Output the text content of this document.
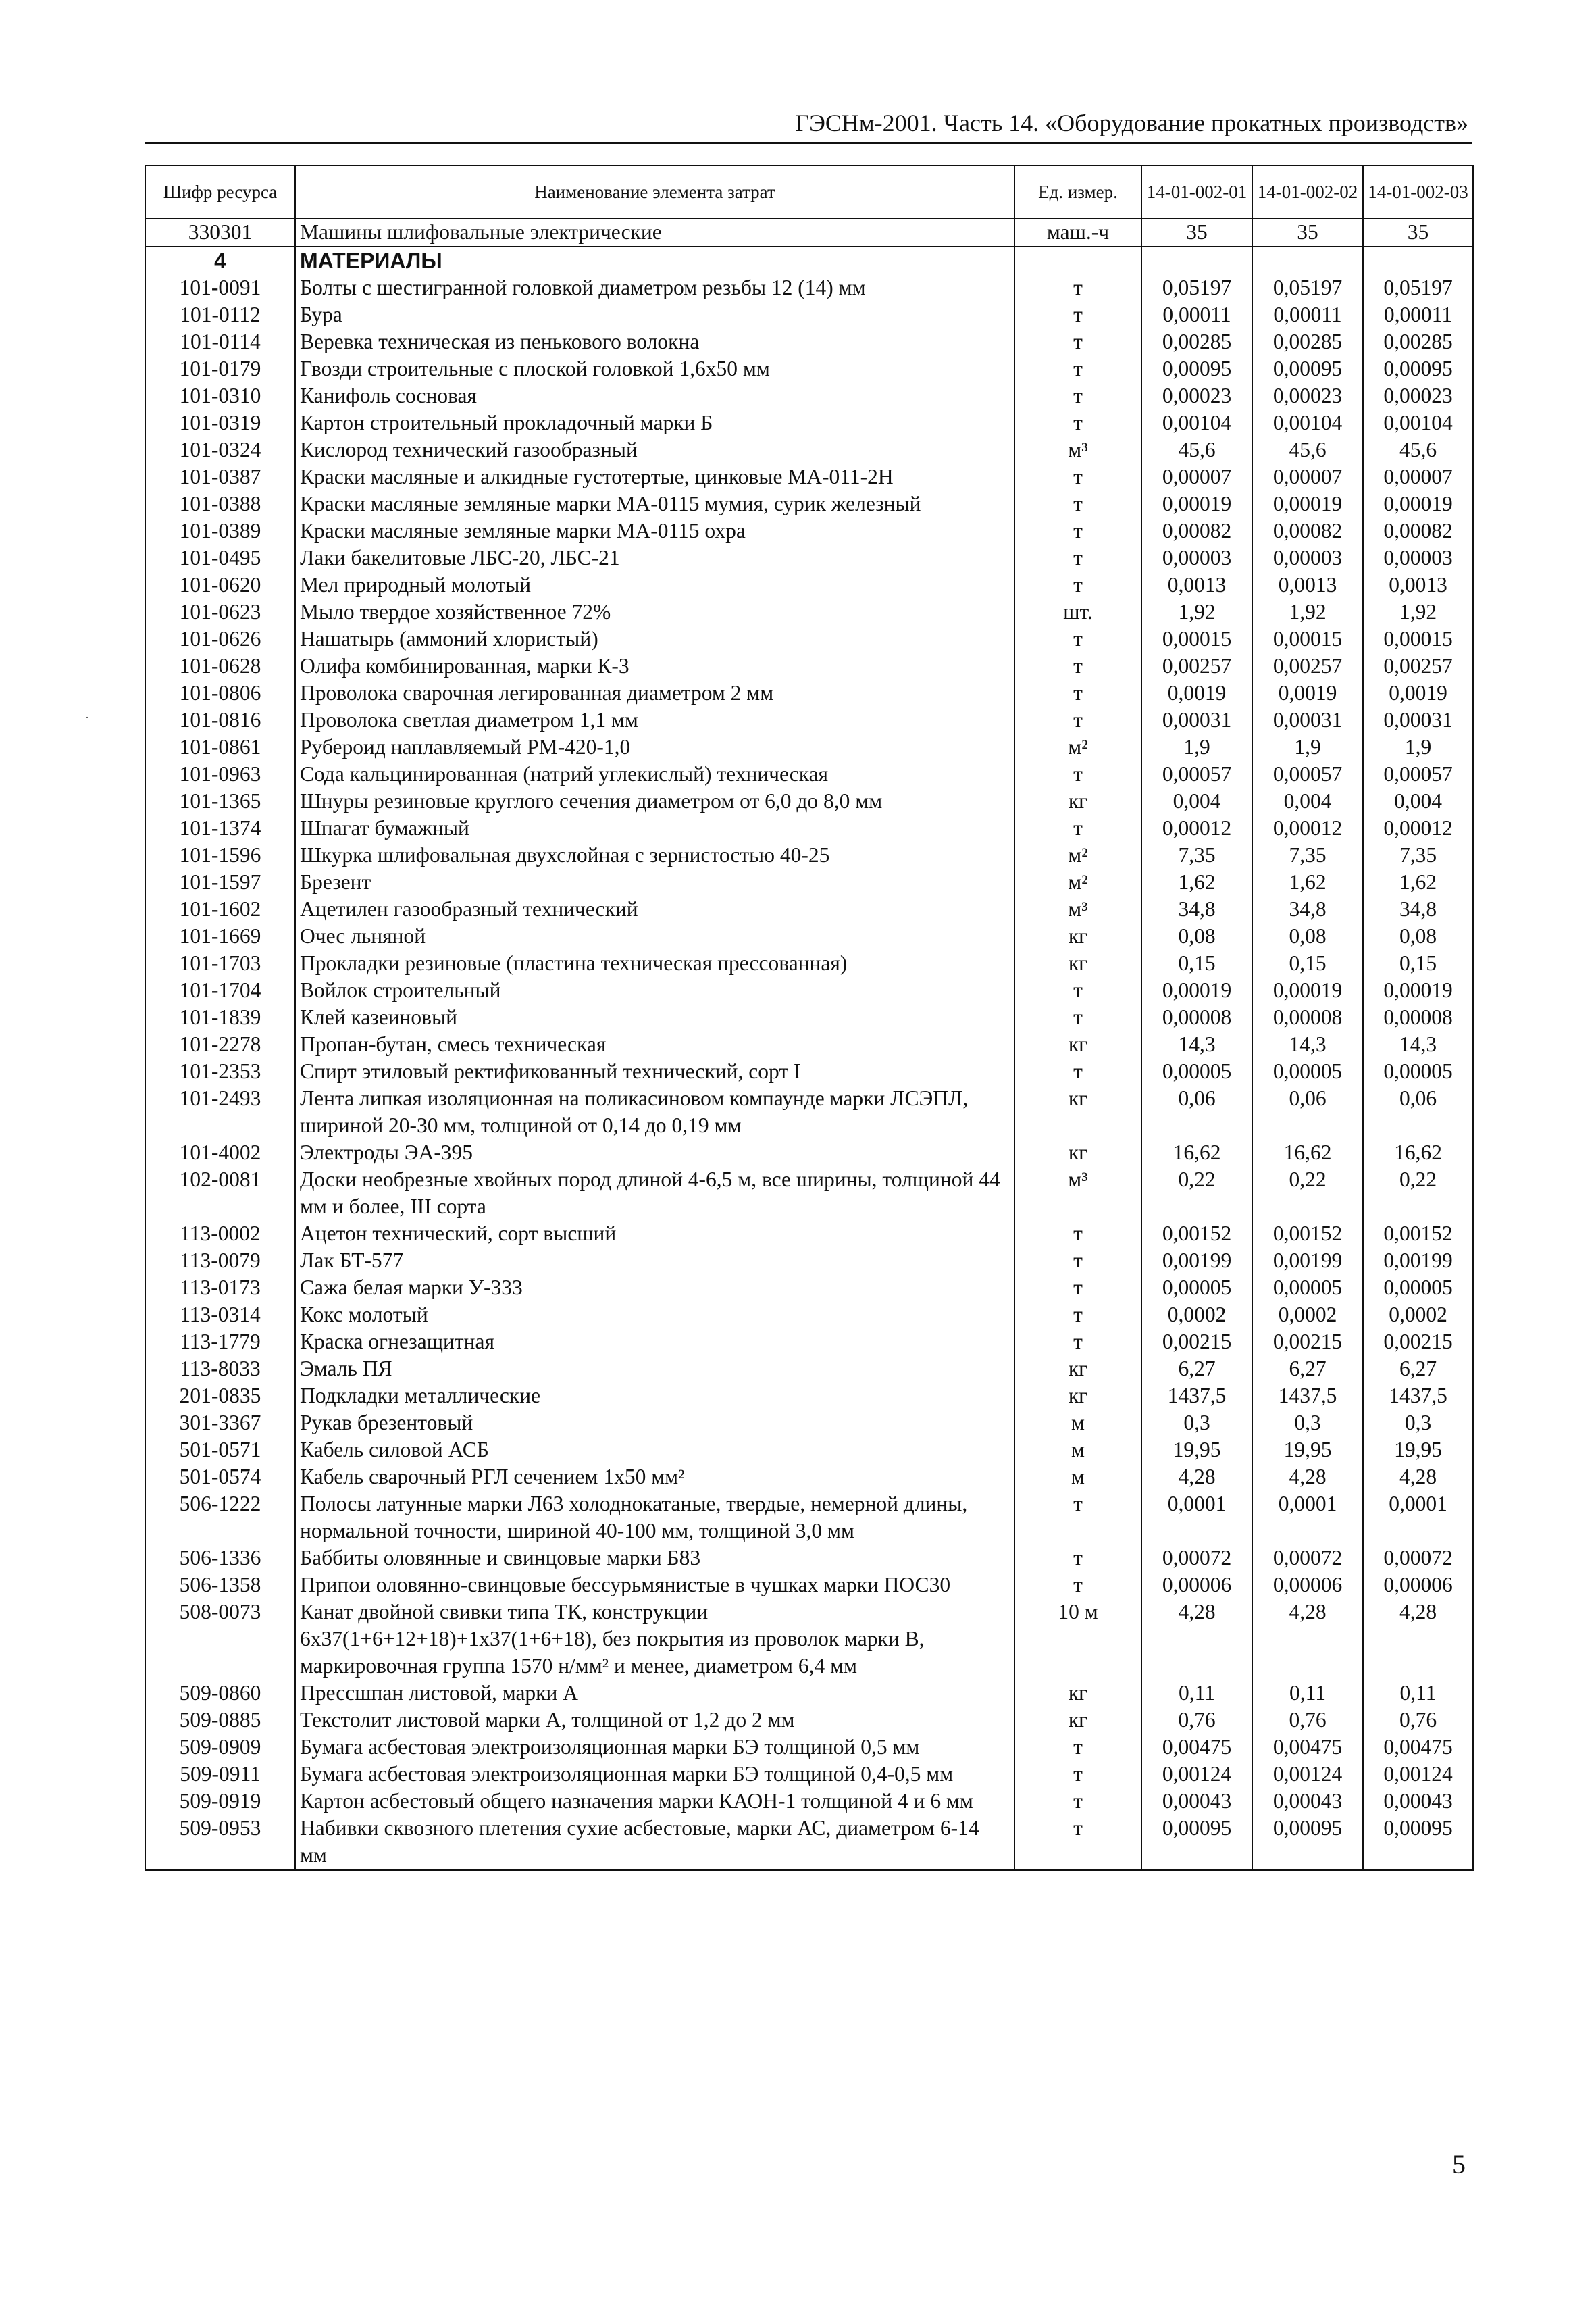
ГЭСНм-2001. Часть 14. «Оборудование прокатных производств»
Шифр ресурса	Наименование элемента затрат	Ед. измер.	14-01-002-01	14-01-002-02	14-01-002-03
330301	Машины шлифовальные электрические	маш.-ч	35	35	35
4	МАТЕРИАЛЫ				
101-0091	Болты с шестигранной головкой диаметром резьбы 12 (14) мм	т	0,05197	0,05197	0,05197
101-0112	Бура	т	0,00011	0,00011	0,00011
101-0114	Веревка техническая из пенькового волокна	т	0,00285	0,00285	0,00285
101-0179	Гвозди строительные с плоской головкой 1,6х50 мм	т	0,00095	0,00095	0,00095
101-0310	Канифоль сосновая	т	0,00023	0,00023	0,00023
101-0319	Картон строительный прокладочный марки Б	т	0,00104	0,00104	0,00104
101-0324	Кислород технический газообразный	м³	45,6	45,6	45,6
101-0387	Краски масляные и алкидные густотертые, цинковые МА-011-2Н	т	0,00007	0,00007	0,00007
101-0388	Краски масляные земляные марки МА-0115 мумия, сурик железный	т	0,00019	0,00019	0,00019
101-0389	Краски масляные земляные марки МА-0115 охра	т	0,00082	0,00082	0,00082
101-0495	Лаки бакелитовые ЛБС-20, ЛБС-21	т	0,00003	0,00003	0,00003
101-0620	Мел природный молотый	т	0,0013	0,0013	0,0013
101-0623	Мыло твердое хозяйственное 72%	шт.	1,92	1,92	1,92
101-0626	Нашатырь (аммоний хлористый)	т	0,00015	0,00015	0,00015
101-0628	Олифа комбинированная, марки К-3	т	0,00257	0,00257	0,00257
101-0806	Проволока сварочная легированная диаметром 2 мм	т	0,0019	0,0019	0,0019
101-0816	Проволока светлая диаметром 1,1 мм	т	0,00031	0,00031	0,00031
101-0861	Рубероид наплавляемый РМ-420-1,0	м²	1,9	1,9	1,9
101-0963	Сода кальцинированная (натрий углекислый) техническая	т	0,00057	0,00057	0,00057
101-1365	Шнуры резиновые круглого сечения диаметром от 6,0 до 8,0 мм	кг	0,004	0,004	0,004
101-1374	Шпагат бумажный	т	0,00012	0,00012	0,00012
101-1596	Шкурка шлифовальная двухслойная с зернистостью 40-25	м²	7,35	7,35	7,35
101-1597	Брезент	м²	1,62	1,62	1,62
101-1602	Ацетилен газообразный технический	м³	34,8	34,8	34,8
101-1669	Очес льняной	кг	0,08	0,08	0,08
101-1703	Прокладки резиновые (пластина техническая прессованная)	кг	0,15	0,15	0,15
101-1704	Войлок строительный	т	0,00019	0,00019	0,00019
101-1839	Клей казеиновый	т	0,00008	0,00008	0,00008
101-2278	Пропан-бутан, смесь техническая	кг	14,3	14,3	14,3
101-2353	Спирт этиловый ректификованный технический, сорт I	т	0,00005	0,00005	0,00005
101-2493	Лента липкая изоляционная на поликасиновом компаунде марки ЛСЭПЛ, шириной 20-30 мм, толщиной от 0,14 до 0,19 мм	кг	0,06	0,06	0,06
101-4002	Электроды ЭА-395	кг	16,62	16,62	16,62
102-0081	Доски необрезные хвойных пород длиной 4-6,5 м, все ширины, толщиной 44 мм и более, III сорта	м³	0,22	0,22	0,22
113-0002	Ацетон технический, сорт высший	т	0,00152	0,00152	0,00152
113-0079	Лак БТ-577	т	0,00199	0,00199	0,00199
113-0173	Сажа белая марки У-333	т	0,00005	0,00005	0,00005
113-0314	Кокс молотый	т	0,0002	0,0002	0,0002
113-1779	Краска огнезащитная	т	0,00215	0,00215	0,00215
113-8033	Эмаль ПЯ	кг	6,27	6,27	6,27
201-0835	Подкладки металлические	кг	1437,5	1437,5	1437,5
301-3367	Рукав брезентовый	м	0,3	0,3	0,3
501-0571	Кабель силовой АСБ	м	19,95	19,95	19,95
501-0574	Кабель сварочный РГЛ сечением 1х50 мм²	м	4,28	4,28	4,28
506-1222	Полосы латунные марки Л63 холоднокатаные, твердые, немерной длины, нормальной точности, шириной 40-100 мм, толщиной 3,0 мм	т	0,0001	0,0001	0,0001
506-1336	Баббиты оловянные и свинцовые марки Б83	т	0,00072	0,00072	0,00072
506-1358	Припои оловянно-свинцовые бессурьмянистые в чушках марки ПОС30	т	0,00006	0,00006	0,00006
508-0073	Канат двойной свивки типа ТК, конструкции 6х37(1+6+12+18)+1х37(1+6+18), без покрытия из проволок марки В, маркировочная группа 1570 н/мм² и менее, диаметром 6,4 мм	10 м	4,28	4,28	4,28
509-0860	Прессшпан листовой, марки А	кг	0,11	0,11	0,11
509-0885	Текстолит листовой марки А, толщиной от 1,2 до 2 мм	кг	0,76	0,76	0,76
509-0909	Бумага асбестовая электроизоляционная марки БЭ толщиной 0,5 мм	т	0,00475	0,00475	0,00475
509-0911	Бумага асбестовая электроизоляционная марки БЭ толщиной 0,4-0,5 мм	т	0,00124	0,00124	0,00124
509-0919	Картон асбестовый общего назначения марки КАОН-1 толщиной 4 и 6 мм	т	0,00043	0,00043	0,00043
509-0953	Набивки сквозного плетения сухие асбестовые, марки АС, диаметром 6-14 мм	т	0,00095	0,00095	0,00095
·
5
